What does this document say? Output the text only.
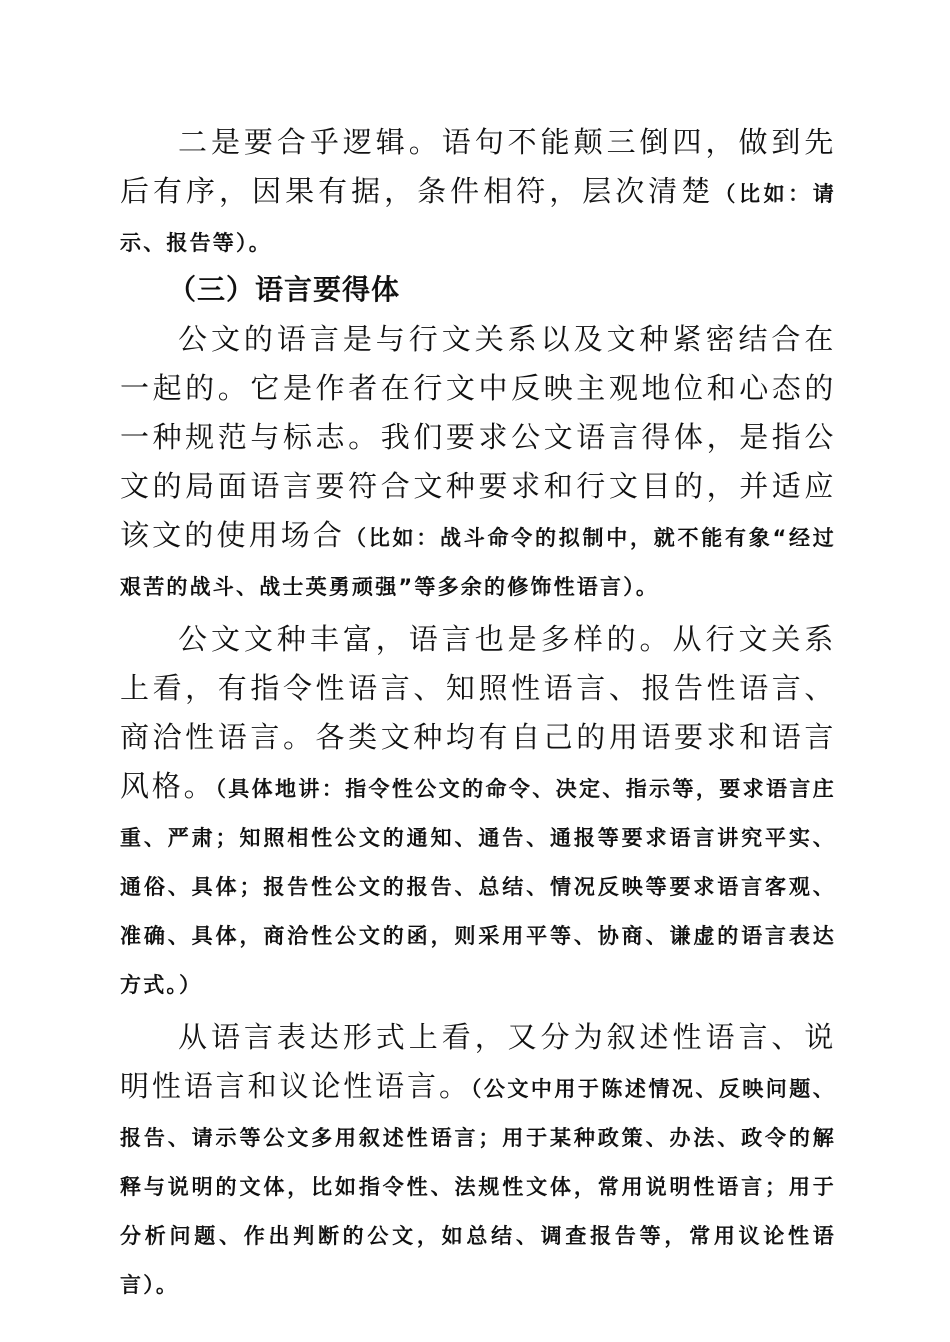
二是要合乎逻辑。语句不能颠三倒四，做到先后有序，因果有据，条件相符，层次清楚（比如：请示、报告等）。

（三）语言要得体

公文的语言是与行文关系以及文种紧密结合在一起的。它是作者在行文中反映主观地位和心态的一种规范与标志。我们要求公文语言得体，是指公文的局面语言要符合文种要求和行文目的，并适应该文的使用场合（比如：战斗命令的拟制中，就不能有象“经过艰苦的战斗、战士英勇顽强”等多余的修饰性语言）。

公文文种丰富，语言也是多样的。从行文关系上看，有指令性语言、知照性语言、报告性语言、商洽性语言。各类文种均有自己的用语要求和语言风格。（具体地讲：指令性公文的命令、决定、指示等，要求语言庄重、严肃；知照相性公文的通知、通告、通报等要求语言讲究平实、通俗、具体；报告性公文的报告、总结、情况反映等要求语言客观、准确、具体，商洽性公文的函，则采用平等、协商、谦虚的语言表达方式。）

从语言表达形式上看，又分为叙述性语言、说明性语言和议论性语言。（公文中用于陈述情况、反映问题、报告、请示等公文多用叙述性语言；用于某种政策、办法、政令的解释与说明的文体，比如指令性、法规性文体，常用说明性语言；用于分析问题、作出判断的公文，如总结、调查报告等，常用议论性语言）。
